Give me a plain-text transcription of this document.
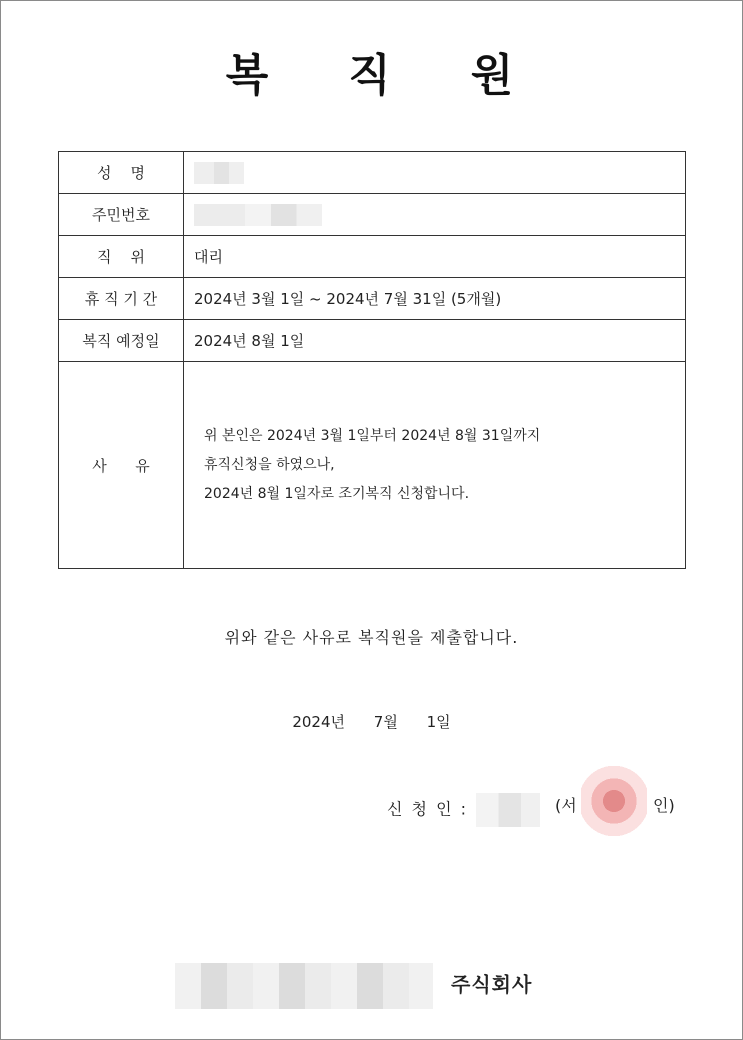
복 직 원
성    명	
주민번호	
직    위	대리
휴 직 기 간	2024년 3월 1일 ~ 2024년 7월 31일 (5개월)
복직 예정일	2024년 8월 1일
사      유	위 본인은 2024년 3월 1일부터 2024년 8월 31일까지
휴직신청을 하였으나,
2024년 8월 1일자로 조기복직 신청합니다.
위와 같은 사유로 복직원을 제출합니다.
2024년 7월 1일
신 청 인 :	(서	인)
주식회사
